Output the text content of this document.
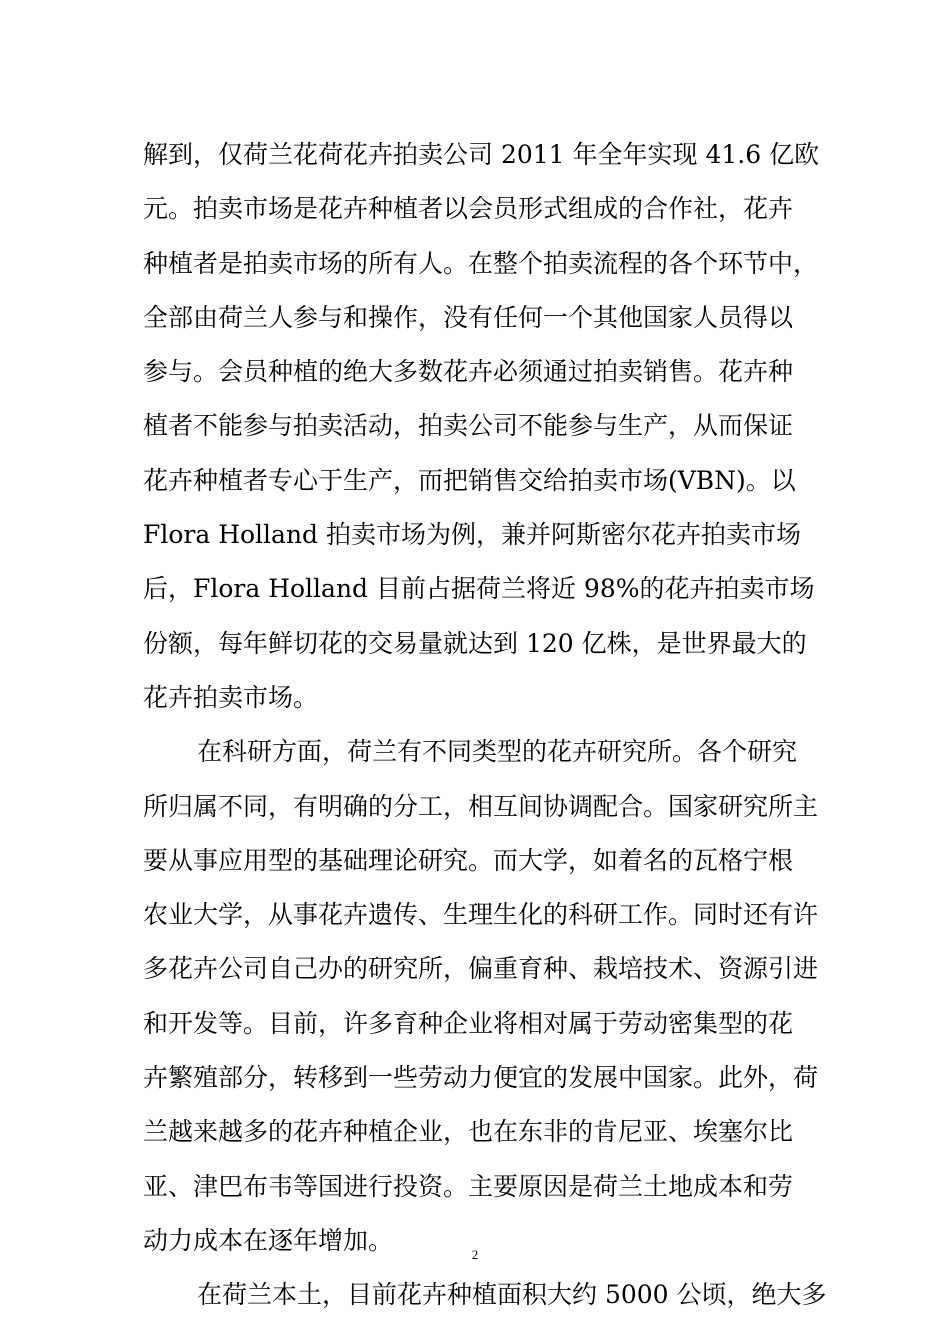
解到，仅荷兰花荷花卉拍卖公司 2011 年全年实现 41.6 亿欧
元。拍卖市场是花卉种植者以会员形式组成的合作社，花卉
种植者是拍卖市场的所有人。在整个拍卖流程的各个环节中，
全部由荷兰人参与和操作，没有任何一个其他国家人员得以
参与。会员种植的绝大多数花卉必须通过拍卖销售。花卉种
植者不能参与拍卖活动，拍卖公司不能参与生产，从而保证
花卉种植者专心于生产，而把销售交给拍卖市场(VBN)。以
Flora Holland 拍卖市场为例，兼并阿斯密尔花卉拍卖市场
后，Flora Holland 目前占据荷兰将近 98%的花卉拍卖市场
份额，每年鲜切花的交易量就达到 120 亿株，是世界最大的
花卉拍卖市场。
在科研方面，荷兰有不同类型的花卉研究所。各个研究
所归属不同，有明确的分工，相互间协调配合。国家研究所主
要从事应用型的基础理论研究。而大学，如着名的瓦格宁根
农业大学，从事花卉遗传、生理生化的科研工作。同时还有许
多花卉公司自己办的研究所，偏重育种、栽培技术、资源引进
和开发等。目前，许多育种企业将相对属于劳动密集型的花
卉繁殖部分，转移到一些劳动力便宜的发展中国家。此外，荷
兰越来越多的花卉种植企业，也在东非的肯尼亚、埃塞尔比
亚、津巴布韦等国进行投资。主要原因是荷兰土地成本和劳
动力成本在逐年增加。
在荷兰本土，目前花卉种植面积大约 5000 公顷，绝大多
2
